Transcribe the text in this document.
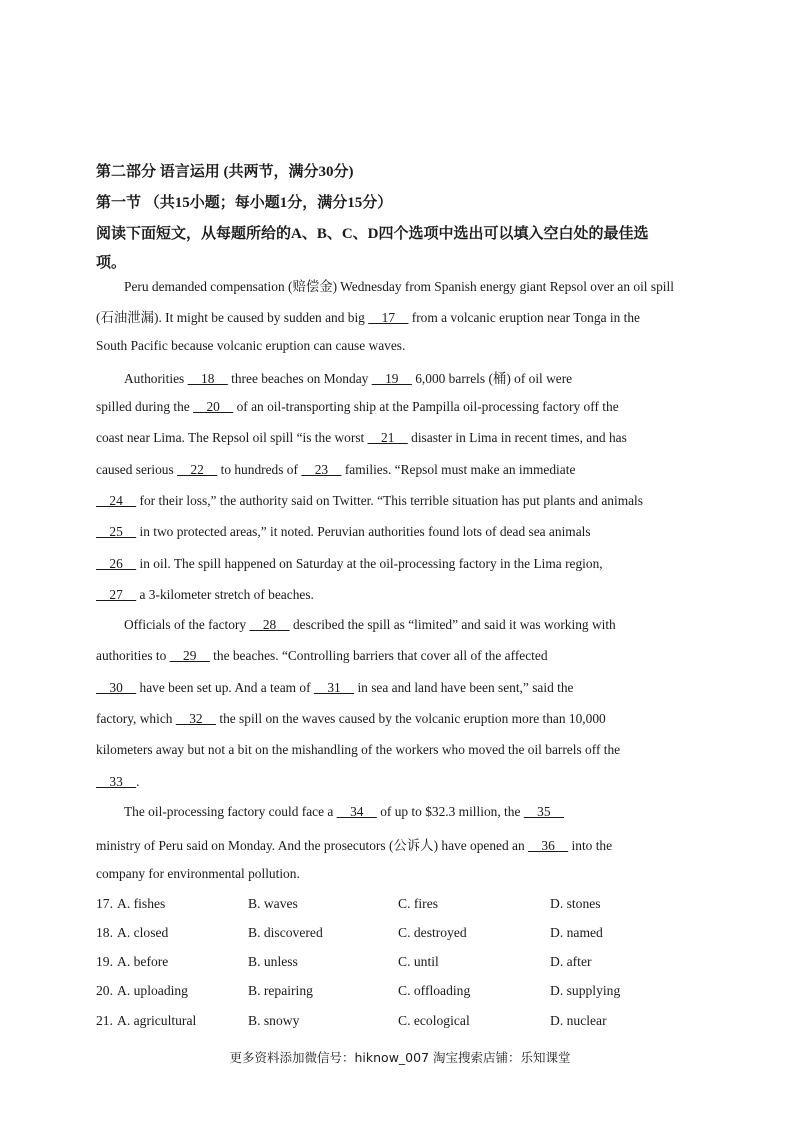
第二部分 语言运用 (共两节，满分30分)
第一节 （共15小题；每小题1分，满分15分）
阅读下面短文，从每题所给的A、B、C、D四个选项中选出可以填入空白处的最佳选
项。
Peru demanded compensation (赔偿金) Wednesday from Spanish energy giant Repsol over an oil spill
(石油泄漏). It might be caused by sudden and big     17     from a volcanic eruption near Tonga in the
South Pacific because volcanic eruption can cause waves.
Authorities     18     three beaches on Monday     19     6,000 barrels (桶) of oil were
spilled during the     20     of an oil-transporting ship at the Pampilla oil-processing factory off the
coast near Lima. The Repsol oil spill “is the worst     21     disaster in Lima in recent times, and has
caused serious     22     to hundreds of     23     families. “Repsol must make an immediate
24     for their loss,” the authority said on Twitter. “This terrible situation has put plants and animals
25     in two protected areas,” it noted. Peruvian authorities found lots of dead sea animals
26     in oil. The spill happened on Saturday at the oil-processing factory in the Lima region,
27     a 3-kilometer stretch of beaches.
Officials of the factory     28     described the spill as “limited” and said it was working with
authorities to     29     the beaches. “Controlling barriers that cover all of the affected
30     have been set up. And a team of     31     in sea and land have been sent,” said the
factory, which     32     the spill on the waves caused by the volcanic eruption more than 10,000
kilometers away but not a bit on the mishandling of the workers who moved the oil barrels off the
33    .
The oil-processing factory could face a     34     of up to $32.3 million, the     35
ministry of Peru said on Monday. And the prosecutors (公诉人) have opened an     36     into the
company for environmental pollution.
17. A. fishes	B. waves	C. fires	D. stones
18. A. closed	B. discovered	C. destroyed	D. named
19. A. before	B. unless	C. until	D. after
20. A. uploading	B. repairing	C. offloading	D. supplying
21. A. agricultural	B. snowy	C. ecological	D. nuclear
更多资料添加微信号：hiknow_007 淘宝搜索店铺：乐知课堂
